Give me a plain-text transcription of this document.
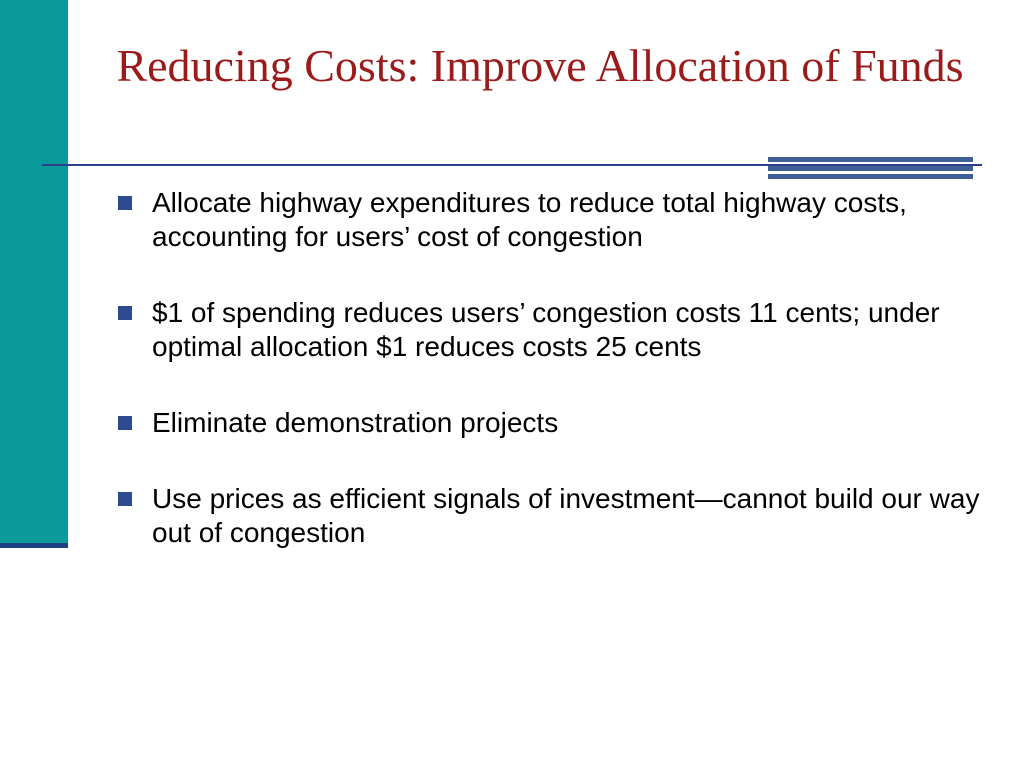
Reducing Costs: Improve Allocation of Funds
Allocate highway expenditures to reduce total highway costs, accounting for users’ cost of congestion
$1 of spending reduces users’ congestion costs 11 cents; under optimal allocation $1 reduces costs 25 cents
Eliminate demonstration projects
Use prices as efficient signals of investment—cannot build our way out of congestion
